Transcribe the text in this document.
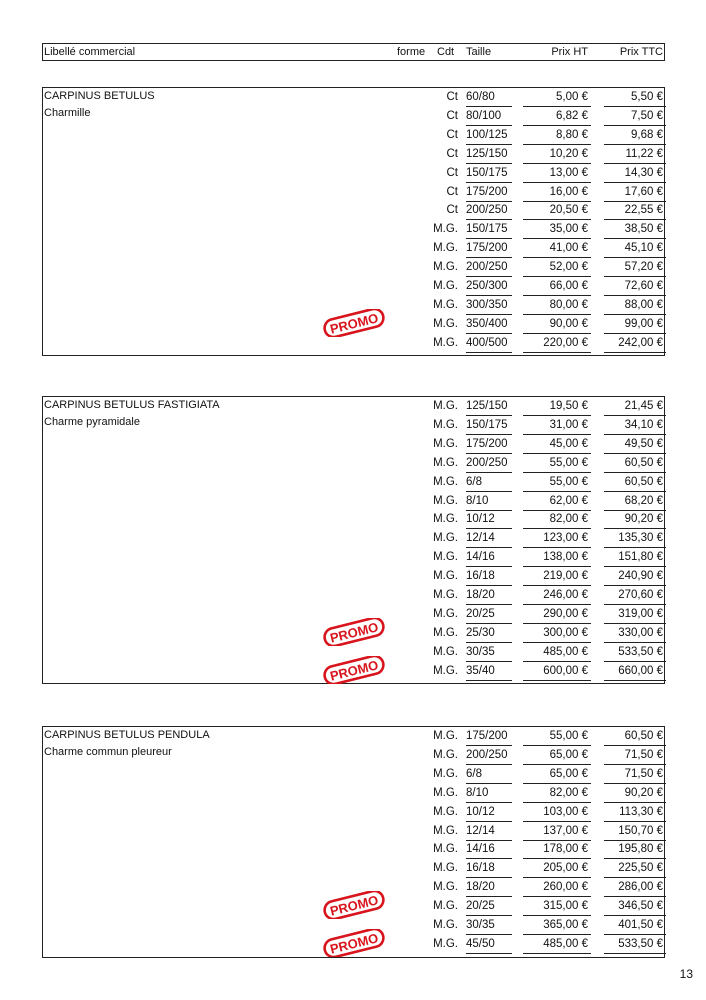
Libellé commercial	forme Cdt Taille	Prix HT	Prix TTC
CARPINUS BETULUS
Charmille
Ct 60/80	5,00 €	5,50 €
Ct 80/100	6,82 €	7,50 €
Ct 100/125	8,80 €	9,68 €
Ct 125/150	10,20 €	11,22 €
Ct 150/175	13,00 €	14,30 €
Ct 175/200	16,00 €	17,60 €
Ct 200/250	20,50 €	22,55 €
M.G. 150/175	35,00 €	38,50 €
M.G. 175/200	41,00 €	45,10 €
M.G. 200/250	52,00 €	57,20 €
M.G. 250/300	66,00 €	72,60 €
M.G. 300/350	80,00 €	88,00 €
M.G. 350/400	90,00 €	99,00 €
PROMO
M.G. 400/500	220,00 €	242,00 €
CARPINUS BETULUS FASTIGIATA
Charme pyramidale
M.G. 125/150	19,50 €	21,45 €
M.G. 150/175	31,00 €	34,10 €
M.G. 175/200	45,00 €	49,50 €
M.G. 200/250	55,00 €	60,50 €
M.G. 6/8	55,00 €	60,50 €
M.G. 8/10	62,00 €	68,20 €
M.G. 10/12	82,00 €	90,20 €
M.G. 12/14	123,00 €	135,30 €
M.G. 14/16	138,00 €	151,80 €
M.G. 16/18	219,00 €	240,90 €
M.G. 18/20	246,00 €	270,60 €
M.G. 20/25	290,00 €	319,00 €
M.G. 25/30	300,00 €	330,00 €
PROMO
M.G. 30/35	485,00 €	533,50 €
M.G. 35/40	600,00 €	660,00 €
PROMO
CARPINUS BETULUS PENDULA
Charme commun pleureur
M.G. 175/200	55,00 €	60,50 €
M.G. 200/250	65,00 €	71,50 €
M.G. 6/8	65,00 €	71,50 €
M.G. 8/10	82,00 €	90,20 €
M.G. 10/12	103,00 €	113,30 €
M.G. 12/14	137,00 €	150,70 €
M.G. 14/16	178,00 €	195,80 €
M.G. 16/18	205,00 €	225,50 €
M.G. 18/20	260,00 €	286,00 €
M.G. 20/25	315,00 €	346,50 €
PROMO
M.G. 30/35	365,00 €	401,50 €
M.G. 45/50	485,00 €	533,50 €
PROMO
13
